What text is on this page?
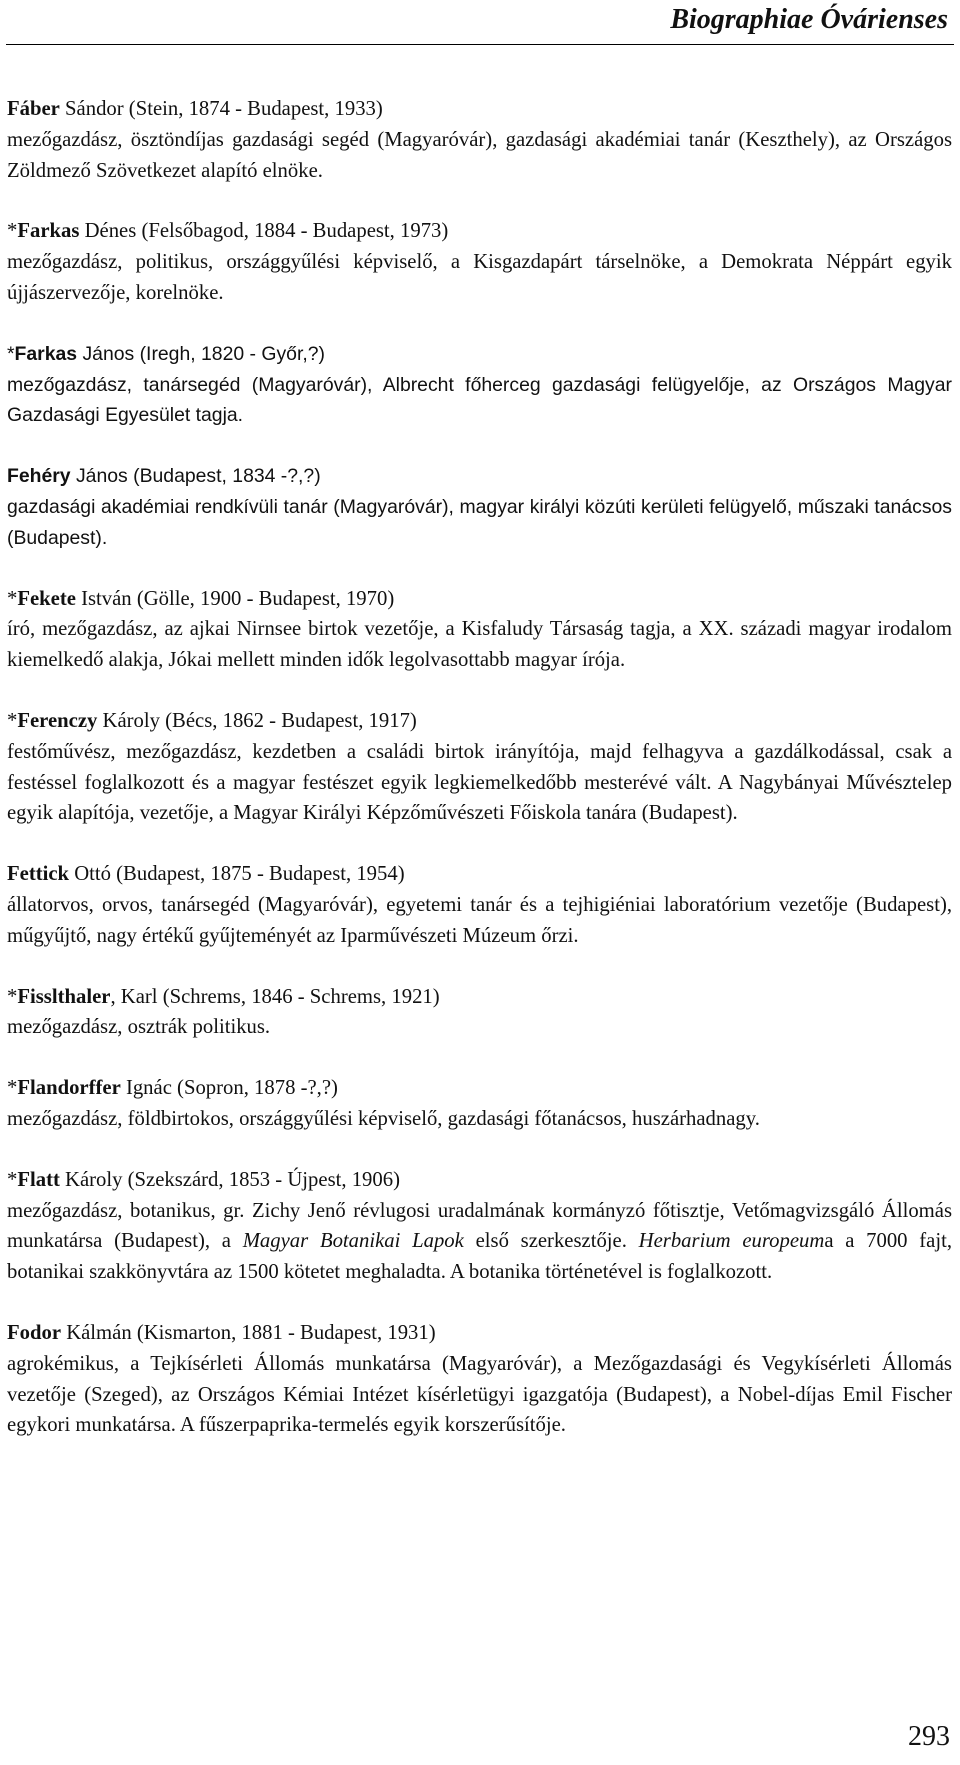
Biographiae Óvárienses
Fáber Sándor (Stein, 1874 - Budapest, 1933)
mezőgazdász, ösztöndíjas gazdasági segéd (Magyaróvár), gazdasági akadémiai tanár (Keszthely), az Országos Zöldmező Szövetkezet alapító elnöke.
*Farkas Dénes (Felsőbagod, 1884 - Budapest, 1973)
mezőgazdász, politikus, országgyűlési képviselő, a Kisgazdapárt társelnöke, a Demokrata Néppárt egyik újjászervezője, korelnöke.
*Farkas János (Iregh, 1820 - Győr,?)
mezőgazdász, tanársegéd (Magyaróvár), Albrecht főherceg gazdasági felügyelője, az Országos Magyar Gazdasági Egyesület tagja.
Fehéry János (Budapest, 1834 -?,?)
gazdasági akadémiai rendkívüli tanár (Magyaróvár), magyar királyi közúti kerületi felügyelő, műszaki tanácsos (Budapest).
*Fekete István (Gölle, 1900 - Budapest, 1970)
író, mezőgazdász, az ajkai Nirnsee birtok vezetője, a Kisfaludy Társaság tagja, a XX. századi magyar irodalom kiemelkedő alakja, Jókai mellett minden idők legolvasottabb magyar írója.
*Ferenczy Károly (Bécs, 1862 - Budapest, 1917)
festőművész, mezőgazdász, kezdetben a családi birtok irányítója, majd felhagyva a gazdálkodással, csak a festéssel foglalkozott és a magyar festészet egyik legkiemelkedőbb mesterévé vált. A Nagybányai Művésztelep egyik alapítója, vezetője, a Magyar Királyi Képzőművészeti Főiskola tanára (Budapest).
Fettick Ottó (Budapest, 1875 - Budapest, 1954)
állatorvos, orvos, tanársegéd (Magyaróvár), egyetemi tanár és a tejhigiéniai laboratórium vezetője (Budapest), műgyűjtő, nagy értékű gyűjteményét az Iparművészeti Múzeum őrzi.
*Fisslthaler, Karl (Schrems, 1846 - Schrems, 1921)
mezőgazdász, osztrák politikus.
*Flandorffer Ignác (Sopron, 1878 -?,?)
mezőgazdász, földbirtokos, országgyűlési képviselő, gazdasági főtanácsos, huszárhadnagy.
*Flatt Károly (Szekszárd, 1853 - Újpest, 1906)
mezőgazdász, botanikus, gr. Zichy Jenő révlugosi uradalmának kormányzó főtisztje, Vetőmagvizsgáló Állomás munkatársa (Budapest), a Magyar Botanikai Lapok első szerkesztője. Herbarium europeuma a 7000 fajt, botanikai szakkönyvtára az 1500 kötetet meghaladta. A botanika történetével is foglalkozott.
Fodor Kálmán (Kismarton, 1881 - Budapest, 1931)
agrokémikus, a Tejkísérleti Állomás munkatársa (Magyaróvár), a Mezőgazdasági és Vegykísérleti Állomás vezetője (Szeged), az Országos Kémiai Intézet kísérletügyi igazgatója (Budapest), a Nobel-díjas Emil Fischer egykori munkatársa. A fűszerpaprika-termelés egyik korszerűsítője.
293
